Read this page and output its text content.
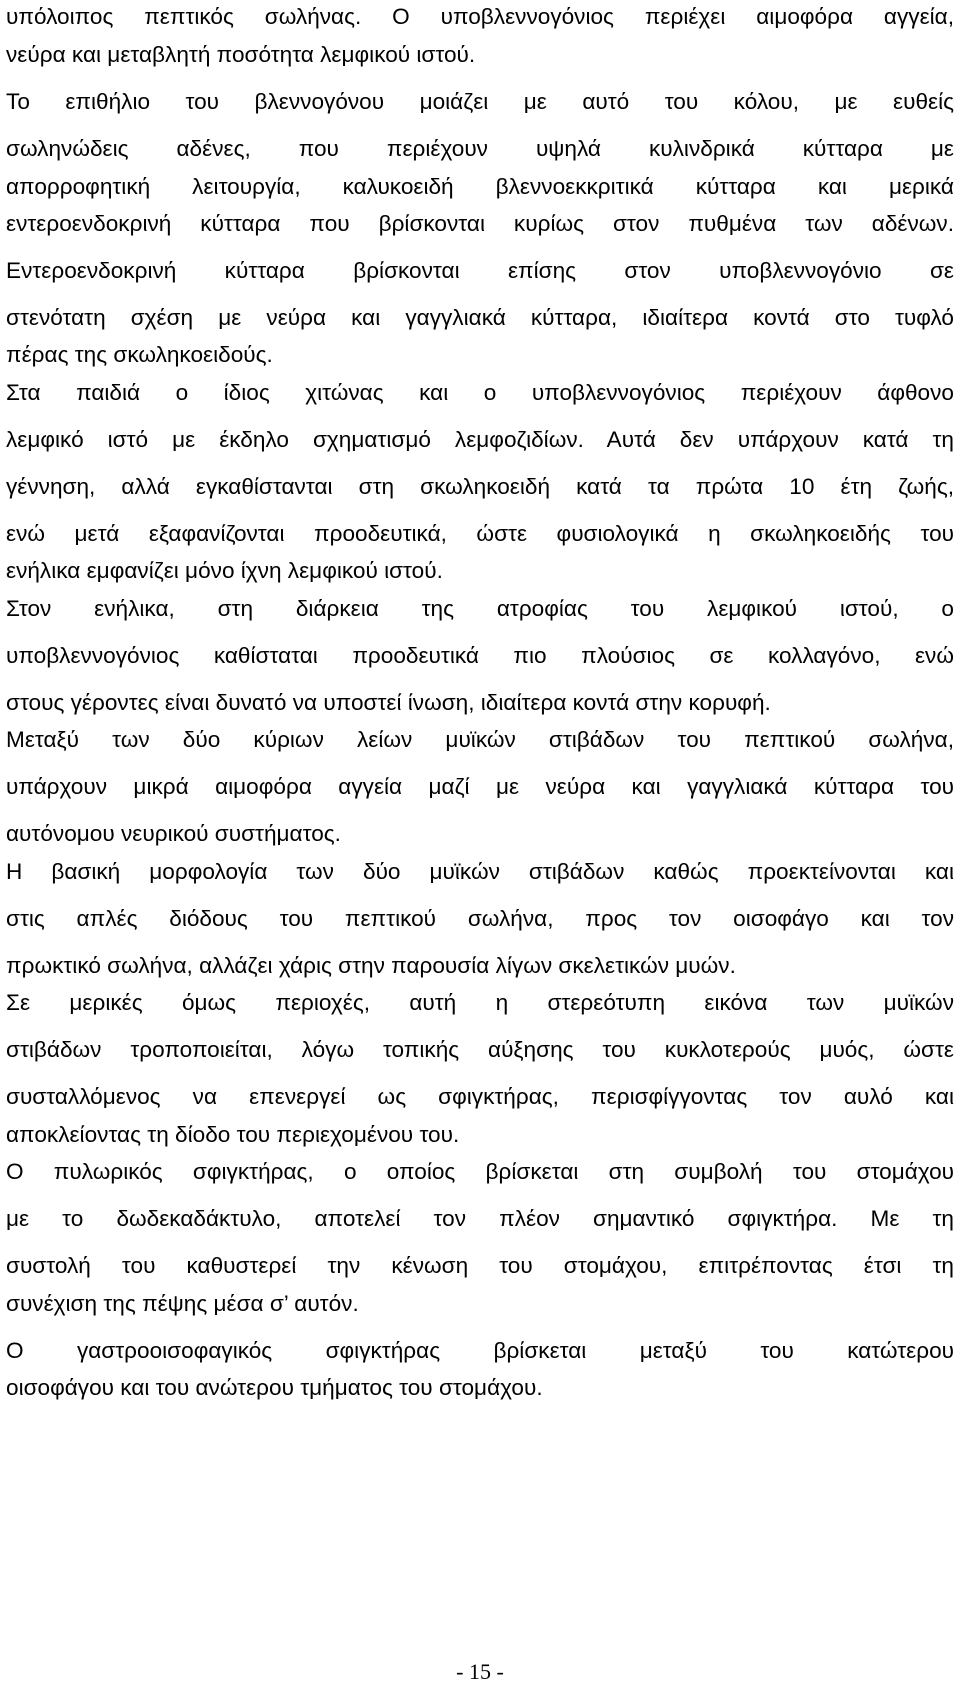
υπόλοιπος πεπτικός σωλήνας. Ο υποβλεννογόνιος περιέχει αιμοφόρα αγγεία,
νεύρα και μεταβλητή ποσότητα λεμφικού ιστού.
Το επιθήλιο του βλεννογόνου μοιάζει με αυτό του κόλου, με ευθείς
σωληνώδεις αδένες, που περιέχουν υψηλά κυλινδρικά κύτταρα με
απορροφητική λειτουργία, καλυκοειδή βλεννοεκκριτικά κύτταρα και μερικά
εντεροενδοκρινή κύτταρα που βρίσκονται κυρίως στον πυθμένα των αδένων.
Εντεροενδοκρινή κύτταρα βρίσκονται επίσης στον υποβλεννογόνιο σε
στενότατη σχέση με νεύρα και γαγγλιακά κύτταρα, ιδιαίτερα κοντά στο τυφλό
πέρας της σκωληκοειδούς.
Στα παιδιά ο ίδιος χιτώνας και ο υποβλεννογόνιος περιέχουν άφθονο
λεμφικό ιστό με έκδηλο σχηματισμό λεμφοζιδίων. Αυτά δεν υπάρχουν κατά τη
γέννηση, αλλά εγκαθίστανται στη σκωληκοειδή κατά τα πρώτα 10 έτη ζωής,
ενώ μετά εξαφανίζονται προοδευτικά, ώστε φυσιολογικά η σκωληκοειδής του
ενήλικα εμφανίζει μόνο ίχνη λεμφικού ιστού.
Στον ενήλικα, στη διάρκεια της ατροφίας του λεμφικού ιστού, ο
υποβλεννογόνιος καθίσταται προοδευτικά πιο πλούσιος σε κολλαγόνο, ενώ
στους γέροντες είναι δυνατό να υποστεί ίνωση, ιδιαίτερα κοντά στην κορυφή.
Μεταξύ των δύο κύριων λείων μυϊκών στιβάδων του πεπτικού σωλήνα,
υπάρχουν μικρά αιμοφόρα αγγεία μαζί με νεύρα και γαγγλιακά κύτταρα του
αυτόνομου νευρικού συστήματος.
Η βασική μορφολογία των δύο μυϊκών στιβάδων καθώς προεκτείνονται και
στις απλές διόδους του πεπτικού σωλήνα, προς τον οισοφάγο και τον
πρωκτικό σωλήνα, αλλάζει χάρις στην παρουσία λίγων σκελετικών μυών.
Σε μερικές όμως περιοχές, αυτή η στερεότυπη εικόνα των μυϊκών
στιβάδων τροποποιείται, λόγω τοπικής αύξησης του κυκλοτερούς μυός, ώστε
συσταλλόμενος να επενεργεί ως σφιγκτήρας, περισφίγγοντας τον αυλό και
αποκλείοντας τη δίοδο του περιεχομένου του.
Ο πυλωρικός σφιγκτήρας, ο οποίος βρίσκεται στη συμβολή του στομάχου
με το δωδεκαδάκτυλο, αποτελεί τον πλέον σημαντικό σφιγκτήρα. Με τη
συστολή του καθυστερεί την κένωση του στομάχου, επιτρέποντας έτσι τη
συνέχιση της πέψης μέσα σ’ αυτόν.
Ο γαστροοισοφαγικός σφιγκτήρας βρίσκεται μεταξύ του κατώτερου
οισοφάγου και του ανώτερου τμήματος του στομάχου.
- 15 -
